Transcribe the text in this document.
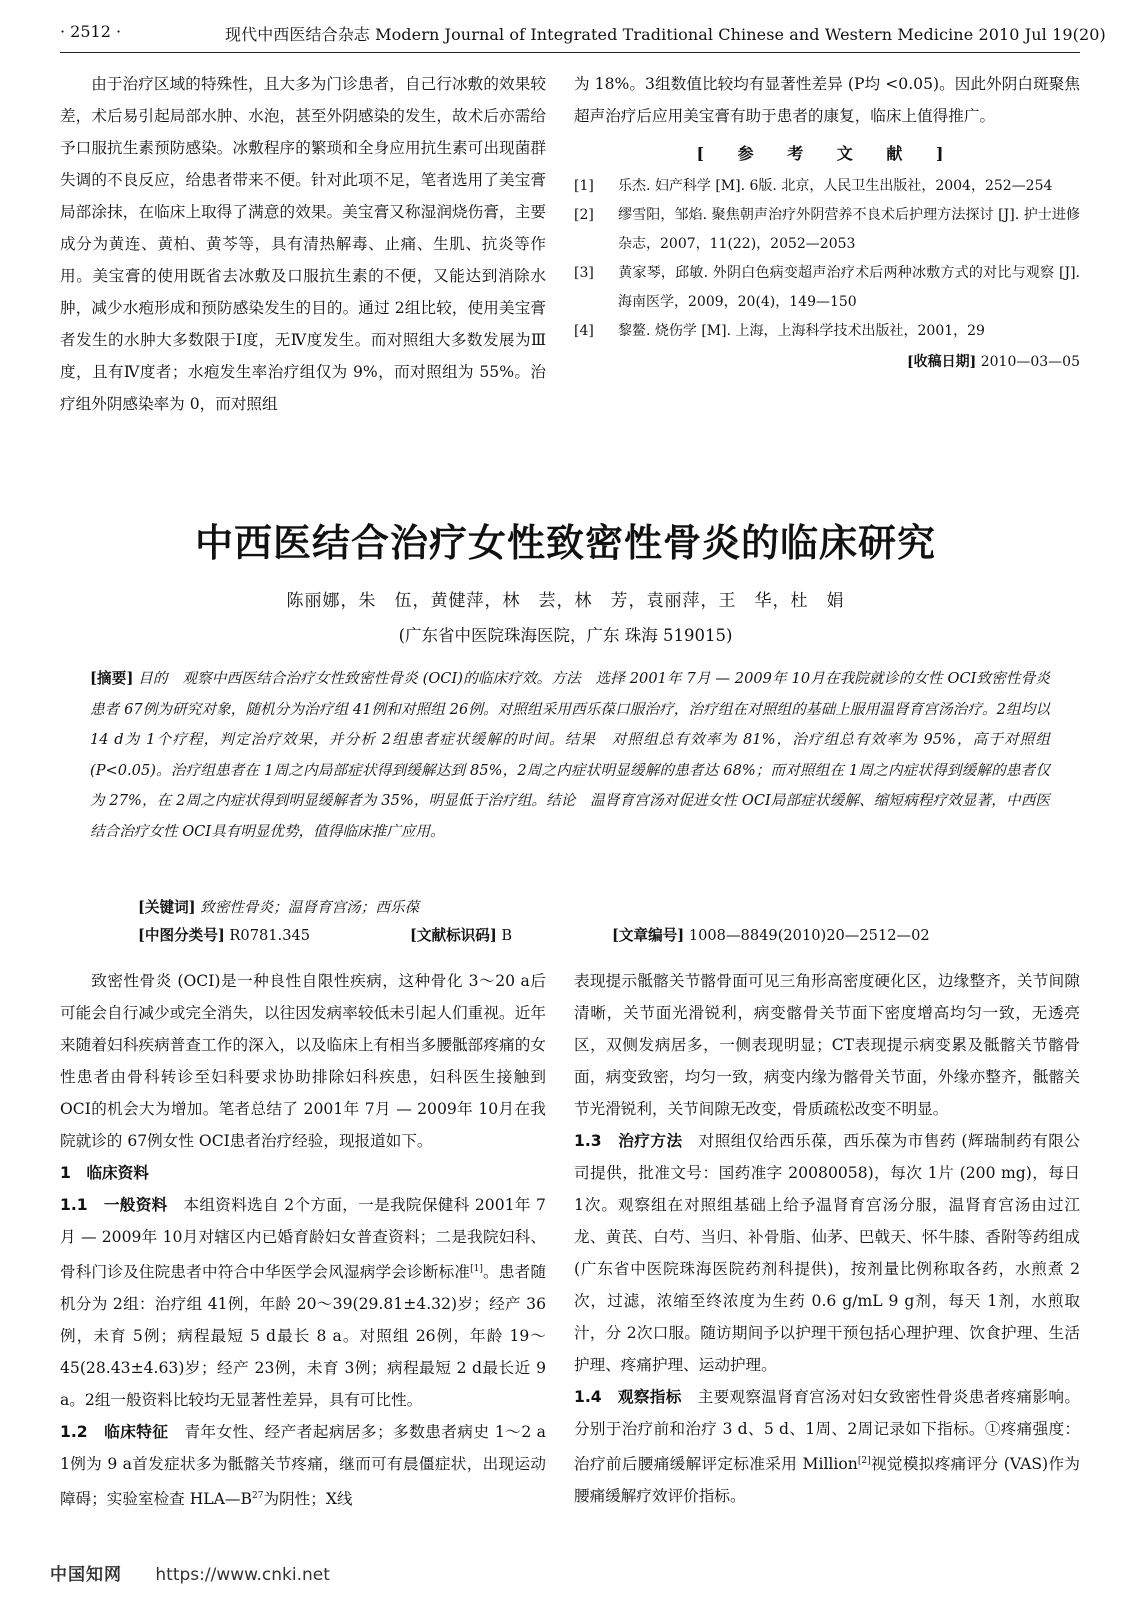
· 2512 ·	现代中西医结合杂志 Modern Journal of Integrated Traditional Chinese and Western Medicine 2010 Jul 19(20)

由于治疗区域的特殊性，且大多为门诊患者，自己行冰敷的效果较差，术后易引起局部水肿、水泡，甚至外阴感染的发生，故术后亦需给予口服抗生素预防感染。冰敷程序的繁琐和全身应用抗生素可出现菌群失调的不良反应，给患者带来不便。针对此项不足，笔者选用了美宝膏局部涂抹，在临床上取得了满意的效果。美宝膏又称湿润烧伤膏，主要成分为黄连、黄柏、黄芩等，具有清热解毒、止痛、生肌、抗炎等作用。美宝膏的使用既省去冰敷及口服抗生素的不便，又能达到消除水肿，减少水疱形成和预防感染发生的目的。通过 2组比较，使用美宝膏者发生的水肿大多数限于Ⅰ度，无Ⅳ度发生。而对照组大多数发展为Ⅲ度，且有Ⅳ度者；水疱发生率治疗组仅为 9%，而对照组为 55%。治疗组外阴感染率为 0，而对照组

为 18%。3组数值比较均有显著性差异 (P均 <0.05)。因此外阴白斑聚焦超声治疗后应用美宝膏有助于患者的康复，临床上值得推广。

[ 参 考 文 献 ]
[1] 乐杰. 妇产科学 [M]. 6版. 北京，人民卫生出版社，2004，252—254
[2] 缪雪阳，邹焰. 聚焦朝声治疗外阴营养不良术后护理方法探讨 [J]. 护士进修杂志，2007，11(22)，2052—2053
[3] 黄家琴，邱敏. 外阴白色病变超声治疗术后两种冰敷方式的对比与观察 [J]. 海南医学，2009，20(4)，149—150
[4] 黎鳌. 烧伤学 [M]. 上海，上海科学技术出版社，2001，29
[收稿日期] 2010—03—05
中西医结合治疗女性致密性骨炎的临床研究
陈丽娜，朱　伍，黄健萍，林　芸，林　芳，袁丽萍，王　华，杜　娟
(广东省中医院珠海医院，广东 珠海 519015)
[摘要] 目的　观察中西医结合治疗女性致密性骨炎 (OCI)的临床疗效。方法　选择 2001年 7月 — 2009年 10月在我院就诊的女性 OCI致密性骨炎患者 67例为研究对象，随机分为治疗组 41例和对照组 26例。对照组采用西乐葆口服治疗，治疗组在对照组的基础上服用温肾育宫汤治疗。2组均以 14 d为 1个疗程，判定治疗效果，并分析 2组患者症状缓解的时间。结果　对照组总有效率为 81%，治疗组总有效率为 95%，高于对照组 (P<0.05)。治疗组患者在 1周之内局部症状得到缓解达到 85%，2周之内症状明显缓解的患者达 68%；而对照组在 1周之内症状得到缓解的患者仅为 27%，在 2周之内症状得到明显缓解者为 35%，明显低于治疗组。结论　温肾育宫汤对促进女性 OCI局部症状缓解、缩短病程疗效显著，中西医结合治疗女性 OCI具有明显优势，值得临床推广应用。
[关键词] 致密性骨炎；温肾育宫汤；西乐葆
[中图分类号] R0781.345	[文献标识码] B	[文章编号] 1008—8849(2010)20—2512—02

致密性骨炎 (OCI)是一种良性自限性疾病，这种骨化 3～20 a后可能会自行减少或完全消失，以往因发病率较低未引起人们重视。近年来随着妇科疾病普查工作的深入，以及临床上有相当多腰骶部疼痛的女性患者由骨科转诊至妇科要求协助排除妇科疾患，妇科医生接触到 OCI的机会大为增加。笔者总结了 2001年 7月 — 2009年 10月在我院就诊的 67例女性 OCI患者治疗经验，现报道如下。

1　临床资料

1.1　 一般资料　 本组资料选自 2个方面，一是我院保健科 2001年 7月 — 2009年 10月对辖区内已婚育龄妇女普查资料；二是我院妇科、骨科门诊及住院患者中符合中华医学会风湿病学会诊断标准[1]。患者随机分为 2组：治疗组 41例，年龄 20～39(29.81±4.32)岁；经产 36例，未育 5例；病程最短 5 d最长 8 a。对照组 26例，年龄 19～45(28.43±4.63)岁；经产 23例，未育 3例；病程最短 2 d最长近 9 a。2组一般资料比较均无显著性差异，具有可比性。

1.2　 临床特征　 青年女性、经产者起病居多；多数患者病史 1～2 a 1例为 9 a首发症状多为骶髂关节疼痛，继而可有晨僵症状，出现运动障碍；实验室检查 $HLA—B^{27}$为阴性；X线

表现提示骶髂关节髂骨面可见三角形高密度硬化区，边缘整齐，关节间隙清晰，关节面光滑锐利，病变髂骨关节面下密度增高均匀一致，无透亮区，双侧发病居多，一侧表现明显；CT表现提示病变累及骶髂关节髂骨面，病变致密，均匀一致，病变内缘为髂骨关节面，外缘亦整齐，骶髂关节光滑锐利，关节间隙无改变，骨质疏松改变不明显。

1.3　 治疗方法　 对照组仅给西乐葆，西乐葆为市售药 (辉瑞制药有限公司提供，批准文号：国药准字 20080058)，每次 1片 (200 mg)，每日 1次。观察组在对照组基础上给予温肾育宫汤分服，温肾育宫汤由过江龙、黄芪、白芍、当归、补骨脂、仙茅、巴戟天、怀牛膝、香附等药组成 (广东省中医院珠海医院药剂科提供)，按剂量比例称取各药，水煎煮 2次，过滤，浓缩至终浓度为生药 0.6 g/mL 9 g剂，每天 1剂，水煎取汁，分 2次口服。随访期间予以护理干预包括心理护理、饮食护理、生活护理、疼痛护理、运动护理。

1.4　 观察指标　 主要观察温肾育宫汤对妇女致密性骨炎患者疼痛影响。分别于治疗前和治疗 3 d、5 d、1周、2周记录如下指标。①疼痛强度：治疗前后腰痛缓解评定标准采用 Million[2]视觉模拟疼痛评分 (VAS)作为腰痛缓解疗效评价指标。

中国知网 https://www.cnki.net
